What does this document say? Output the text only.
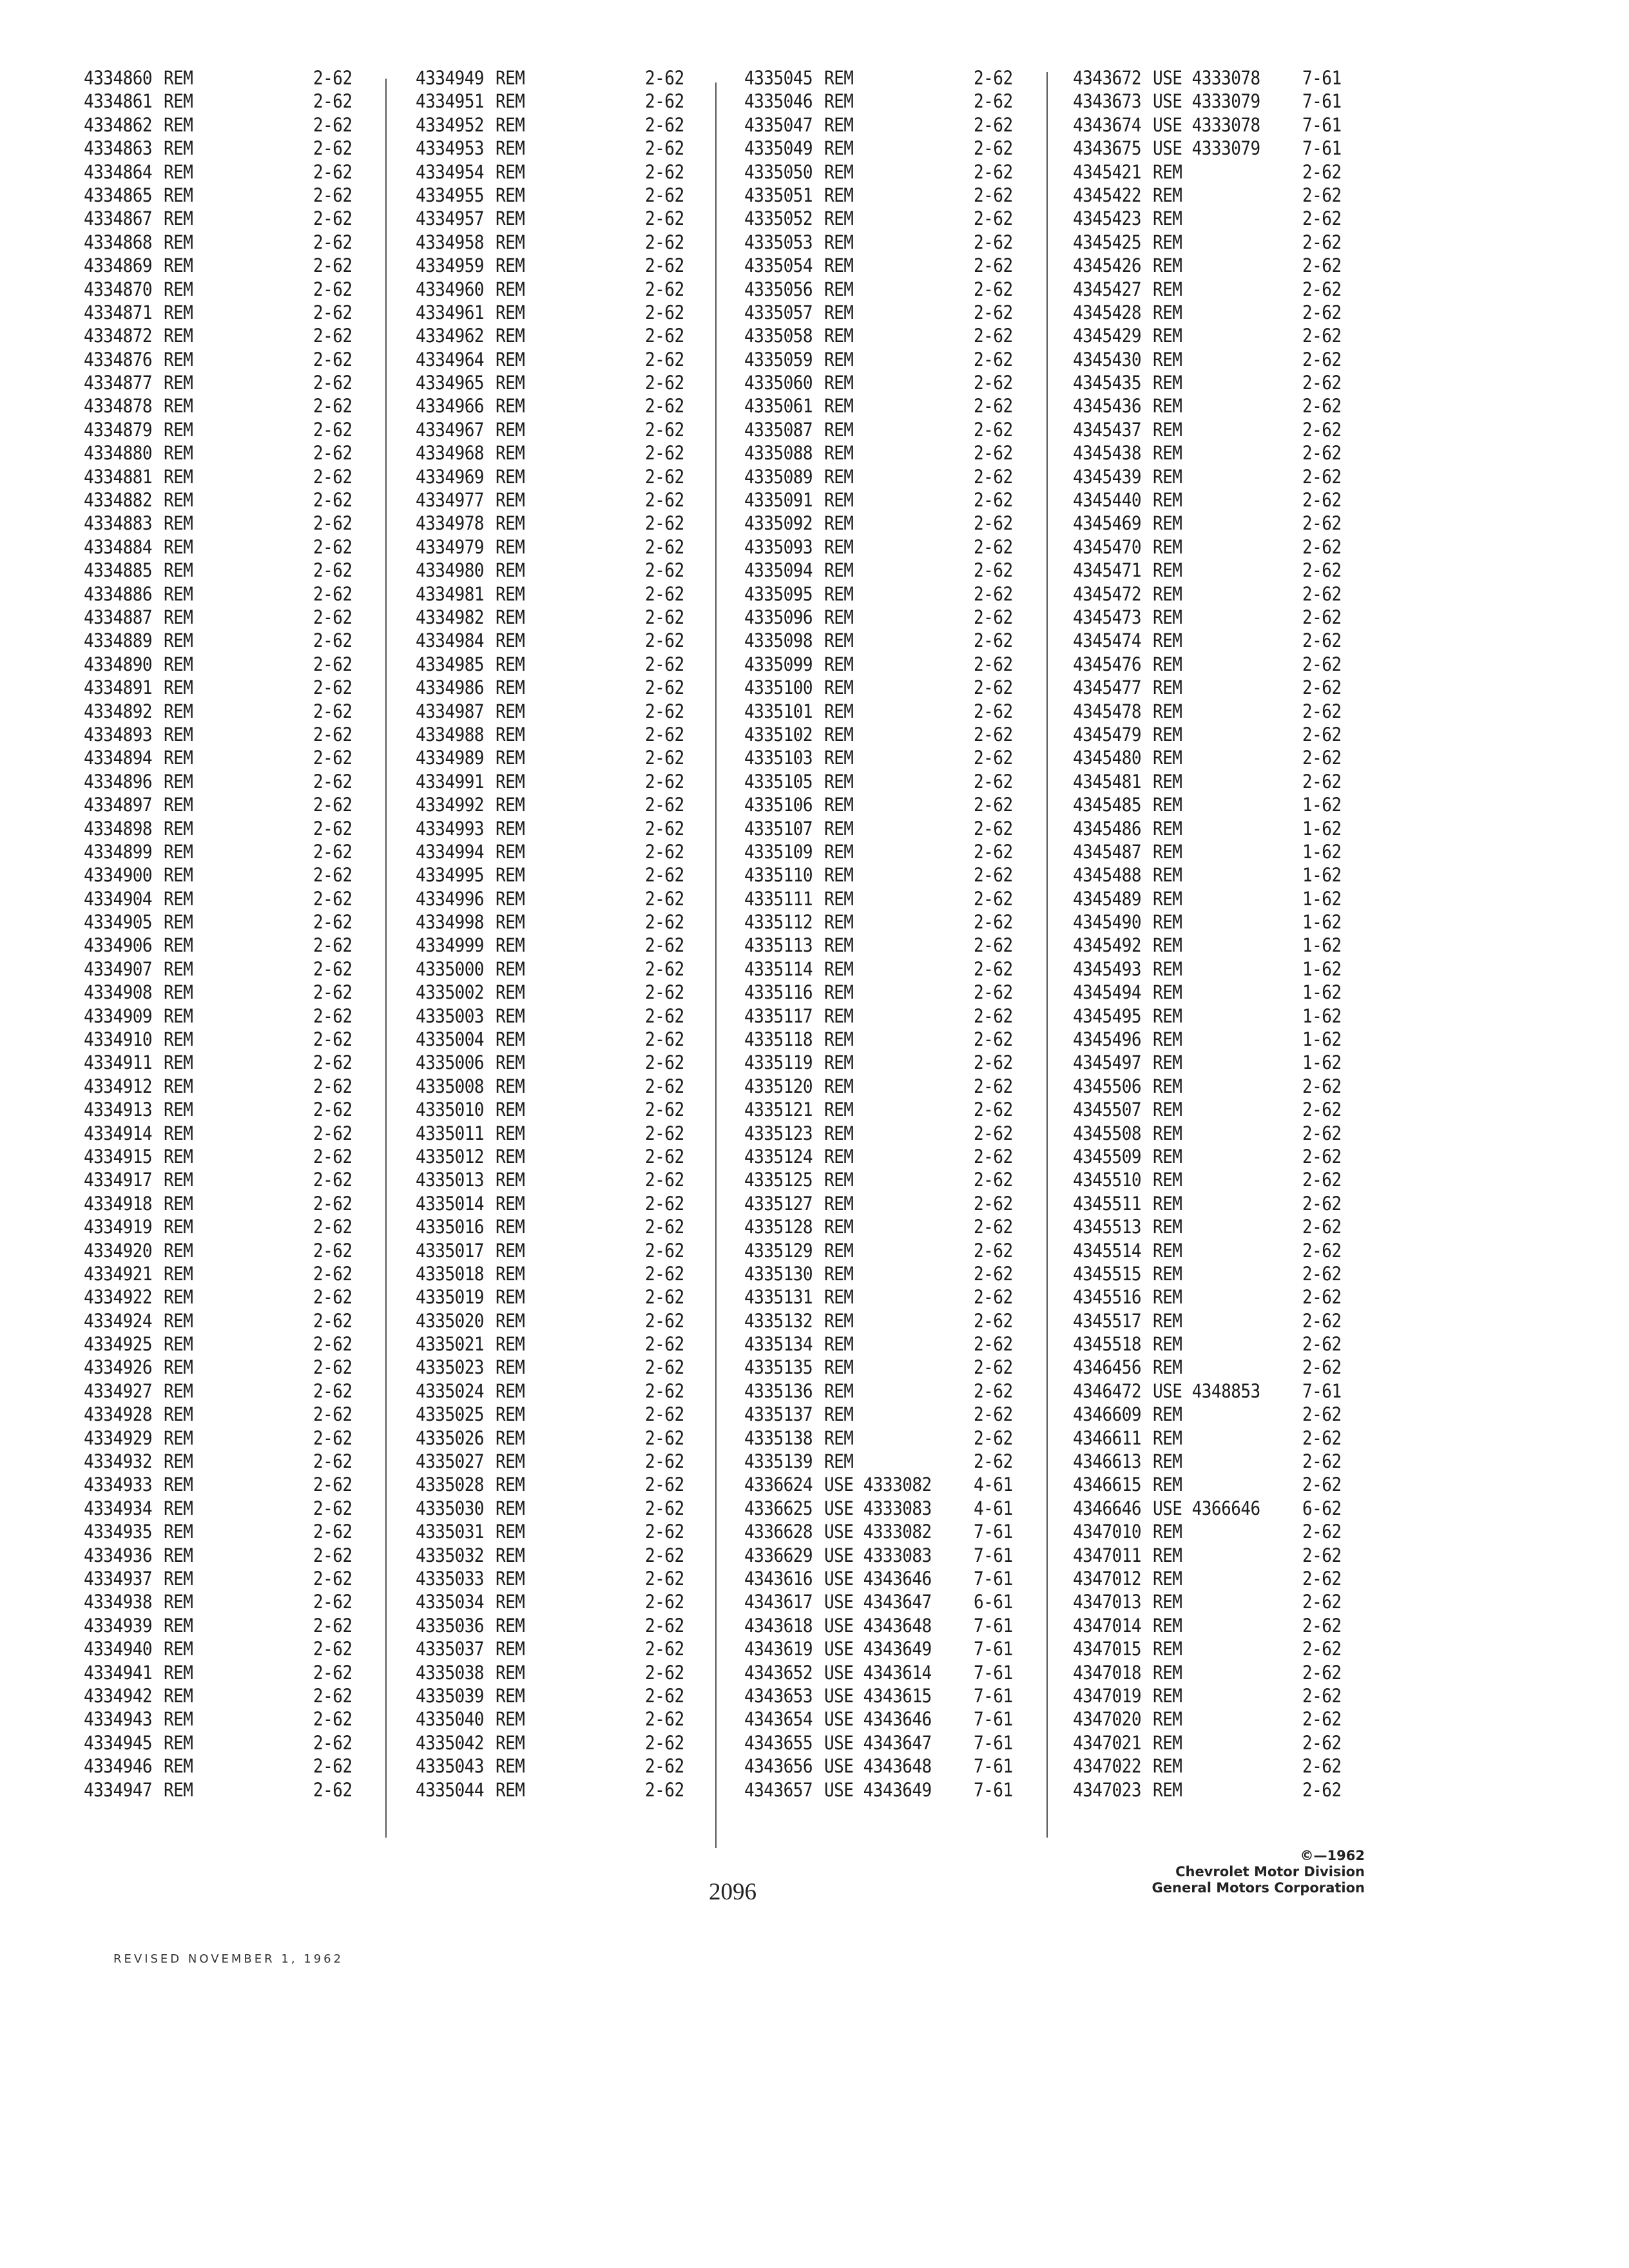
4334860 REM	2-62
4334861 REM	2-62
4334862 REM	2-62
4334863 REM	2-62
4334864 REM	2-62
4334865 REM	2-62
4334867 REM	2-62
4334868 REM	2-62
4334869 REM	2-62
4334870 REM	2-62
4334871 REM	2-62
4334872 REM	2-62
4334876 REM	2-62
4334877 REM	2-62
4334878 REM	2-62
4334879 REM	2-62
4334880 REM	2-62
4334881 REM	2-62
4334882 REM	2-62
4334883 REM	2-62
4334884 REM	2-62
4334885 REM	2-62
4334886 REM	2-62
4334887 REM	2-62
4334889 REM	2-62
4334890 REM	2-62
4334891 REM	2-62
4334892 REM	2-62
4334893 REM	2-62
4334894 REM	2-62
4334896 REM	2-62
4334897 REM	2-62
4334898 REM	2-62
4334899 REM	2-62
4334900 REM	2-62
4334904 REM	2-62
4334905 REM	2-62
4334906 REM	2-62
4334907 REM	2-62
4334908 REM	2-62
4334909 REM	2-62
4334910 REM	2-62
4334911 REM	2-62
4334912 REM	2-62
4334913 REM	2-62
4334914 REM	2-62
4334915 REM	2-62
4334917 REM	2-62
4334918 REM	2-62
4334919 REM	2-62
4334920 REM	2-62
4334921 REM	2-62
4334922 REM	2-62
4334924 REM	2-62
4334925 REM	2-62
4334926 REM	2-62
4334927 REM	2-62
4334928 REM	2-62
4334929 REM	2-62
4334932 REM	2-62
4334933 REM	2-62
4334934 REM	2-62
4334935 REM	2-62
4334936 REM	2-62
4334937 REM	2-62
4334938 REM	2-62
4334939 REM	2-62
4334940 REM	2-62
4334941 REM	2-62
4334942 REM	2-62
4334943 REM	2-62
4334945 REM	2-62
4334946 REM	2-62
4334947 REM	2-62
4334949 REM	2-62
4334951 REM	2-62
4334952 REM	2-62
4334953 REM	2-62
4334954 REM	2-62
4334955 REM	2-62
4334957 REM	2-62
4334958 REM	2-62
4334959 REM	2-62
4334960 REM	2-62
4334961 REM	2-62
4334962 REM	2-62
4334964 REM	2-62
4334965 REM	2-62
4334966 REM	2-62
4334967 REM	2-62
4334968 REM	2-62
4334969 REM	2-62
4334977 REM	2-62
4334978 REM	2-62
4334979 REM	2-62
4334980 REM	2-62
4334981 REM	2-62
4334982 REM	2-62
4334984 REM	2-62
4334985 REM	2-62
4334986 REM	2-62
4334987 REM	2-62
4334988 REM	2-62
4334989 REM	2-62
4334991 REM	2-62
4334992 REM	2-62
4334993 REM	2-62
4334994 REM	2-62
4334995 REM	2-62
4334996 REM	2-62
4334998 REM	2-62
4334999 REM	2-62
4335000 REM	2-62
4335002 REM	2-62
4335003 REM	2-62
4335004 REM	2-62
4335006 REM	2-62
4335008 REM	2-62
4335010 REM	2-62
4335011 REM	2-62
4335012 REM	2-62
4335013 REM	2-62
4335014 REM	2-62
4335016 REM	2-62
4335017 REM	2-62
4335018 REM	2-62
4335019 REM	2-62
4335020 REM	2-62
4335021 REM	2-62
4335023 REM	2-62
4335024 REM	2-62
4335025 REM	2-62
4335026 REM	2-62
4335027 REM	2-62
4335028 REM	2-62
4335030 REM	2-62
4335031 REM	2-62
4335032 REM	2-62
4335033 REM	2-62
4335034 REM	2-62
4335036 REM	2-62
4335037 REM	2-62
4335038 REM	2-62
4335039 REM	2-62
4335040 REM	2-62
4335042 REM	2-62
4335043 REM	2-62
4335044 REM	2-62
4335045 REM	2-62
4335046 REM	2-62
4335047 REM	2-62
4335049 REM	2-62
4335050 REM	2-62
4335051 REM	2-62
4335052 REM	2-62
4335053 REM	2-62
4335054 REM	2-62
4335056 REM	2-62
4335057 REM	2-62
4335058 REM	2-62
4335059 REM	2-62
4335060 REM	2-62
4335061 REM	2-62
4335087 REM	2-62
4335088 REM	2-62
4335089 REM	2-62
4335091 REM	2-62
4335092 REM	2-62
4335093 REM	2-62
4335094 REM	2-62
4335095 REM	2-62
4335096 REM	2-62
4335098 REM	2-62
4335099 REM	2-62
4335100 REM	2-62
4335101 REM	2-62
4335102 REM	2-62
4335103 REM	2-62
4335105 REM	2-62
4335106 REM	2-62
4335107 REM	2-62
4335109 REM	2-62
4335110 REM	2-62
4335111 REM	2-62
4335112 REM	2-62
4335113 REM	2-62
4335114 REM	2-62
4335116 REM	2-62
4335117 REM	2-62
4335118 REM	2-62
4335119 REM	2-62
4335120 REM	2-62
4335121 REM	2-62
4335123 REM	2-62
4335124 REM	2-62
4335125 REM	2-62
4335127 REM	2-62
4335128 REM	2-62
4335129 REM	2-62
4335130 REM	2-62
4335131 REM	2-62
4335132 REM	2-62
4335134 REM	2-62
4335135 REM	2-62
4335136 REM	2-62
4335137 REM	2-62
4335138 REM	2-62
4335139 REM	2-62
4336624 USE 4333082	4-61
4336625 USE 4333083	4-61
4336628 USE 4333082	7-61
4336629 USE 4333083	7-61
4343616 USE 4343646	7-61
4343617 USE 4343647	6-61
4343618 USE 4343648	7-61
4343619 USE 4343649	7-61
4343652 USE 4343614	7-61
4343653 USE 4343615	7-61
4343654 USE 4343646	7-61
4343655 USE 4343647	7-61
4343656 USE 4343648	7-61
4343657 USE 4343649	7-61
4343672 USE 4333078	7-61
4343673 USE 4333079	7-61
4343674 USE 4333078	7-61
4343675 USE 4333079	7-61
4345421 REM	2-62
4345422 REM	2-62
4345423 REM	2-62
4345425 REM	2-62
4345426 REM	2-62
4345427 REM	2-62
4345428 REM	2-62
4345429 REM	2-62
4345430 REM	2-62
4345435 REM	2-62
4345436 REM	2-62
4345437 REM	2-62
4345438 REM	2-62
4345439 REM	2-62
4345440 REM	2-62
4345469 REM	2-62
4345470 REM	2-62
4345471 REM	2-62
4345472 REM	2-62
4345473 REM	2-62
4345474 REM	2-62
4345476 REM	2-62
4345477 REM	2-62
4345478 REM	2-62
4345479 REM	2-62
4345480 REM	2-62
4345481 REM	2-62
4345485 REM	1-62
4345486 REM	1-62
4345487 REM	1-62
4345488 REM	1-62
4345489 REM	1-62
4345490 REM	1-62
4345492 REM	1-62
4345493 REM	1-62
4345494 REM	1-62
4345495 REM	1-62
4345496 REM	1-62
4345497 REM	1-62
4345506 REM	2-62
4345507 REM	2-62
4345508 REM	2-62
4345509 REM	2-62
4345510 REM	2-62
4345511 REM	2-62
4345513 REM	2-62
4345514 REM	2-62
4345515 REM	2-62
4345516 REM	2-62
4345517 REM	2-62
4345518 REM	2-62
4346456 REM	2-62
4346472 USE 4348853	7-61
4346609 REM	2-62
4346611 REM	2-62
4346613 REM	2-62
4346615 REM	2-62
4346646 USE 4366646	6-62
4347010 REM	2-62
4347011 REM	2-62
4347012 REM	2-62
4347013 REM	2-62
4347014 REM	2-62
4347015 REM	2-62
4347018 REM	2-62
4347019 REM	2-62
4347020 REM	2-62
4347021 REM	2-62
4347022 REM	2-62
4347023 REM	2-62
©—1962
Chevrolet Motor Division
General Motors Corporation
2096
REVISED NOVEMBER 1, 1962
